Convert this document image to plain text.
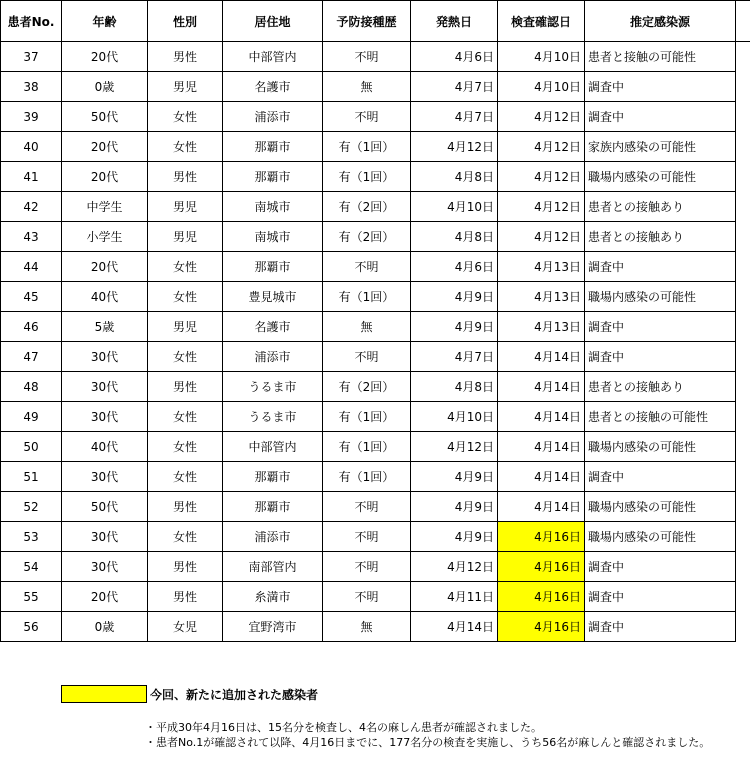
患者No.	年齢	性別	居住地	予防接種歴	発熱日	検査確認日	推定感染源	
37	20代	男性	中部管内	不明	4月6日	4月10日	患者と接触の可能性	
38	0歳	男児	名護市	無	4月7日	4月10日	調査中	
39	50代	女性	浦添市	不明	4月7日	4月12日	調査中	
40	20代	女性	那覇市	有（1回）	4月12日	4月12日	家族内感染の可能性	
41	20代	男性	那覇市	有（1回）	4月8日	4月12日	職場内感染の可能性	
42	中学生	男児	南城市	有（2回）	4月10日	4月12日	患者との接触あり	
43	小学生	男児	南城市	有（2回）	4月8日	4月12日	患者との接触あり	
44	20代	女性	那覇市	不明	4月6日	4月13日	調査中	
45	40代	女性	豊見城市	有（1回）	4月9日	4月13日	職場内感染の可能性	
46	5歳	男児	名護市	無	4月9日	4月13日	調査中	
47	30代	女性	浦添市	不明	4月7日	4月14日	調査中	
48	30代	男性	うるま市	有（2回）	4月8日	4月14日	患者との接触あり	
49	30代	女性	うるま市	有（1回）	4月10日	4月14日	患者との接触の可能性	
50	40代	女性	中部管内	有（1回）	4月12日	4月14日	職場内感染の可能性	
51	30代	女性	那覇市	有（1回）	4月9日	4月14日	調査中	
52	50代	男性	那覇市	不明	4月9日	4月14日	職場内感染の可能性	
53	30代	女性	浦添市	不明	4月9日	4月16日	職場内感染の可能性	
54	30代	男性	南部管内	不明	4月12日	4月16日	調査中	
55	20代	男性	糸満市	不明	4月11日	4月16日	調査中	
56	0歳	女児	宜野湾市	無	4月14日	4月16日	調査中	
今回、新たに追加された感染者
・平成30年4月16日は、15名分を検査し、4名の麻しん患者が確認されました。
・患者No.1が確認されて以降、4月16日までに、177名分の検査を実施し、うち56名が麻しんと確認されました。
